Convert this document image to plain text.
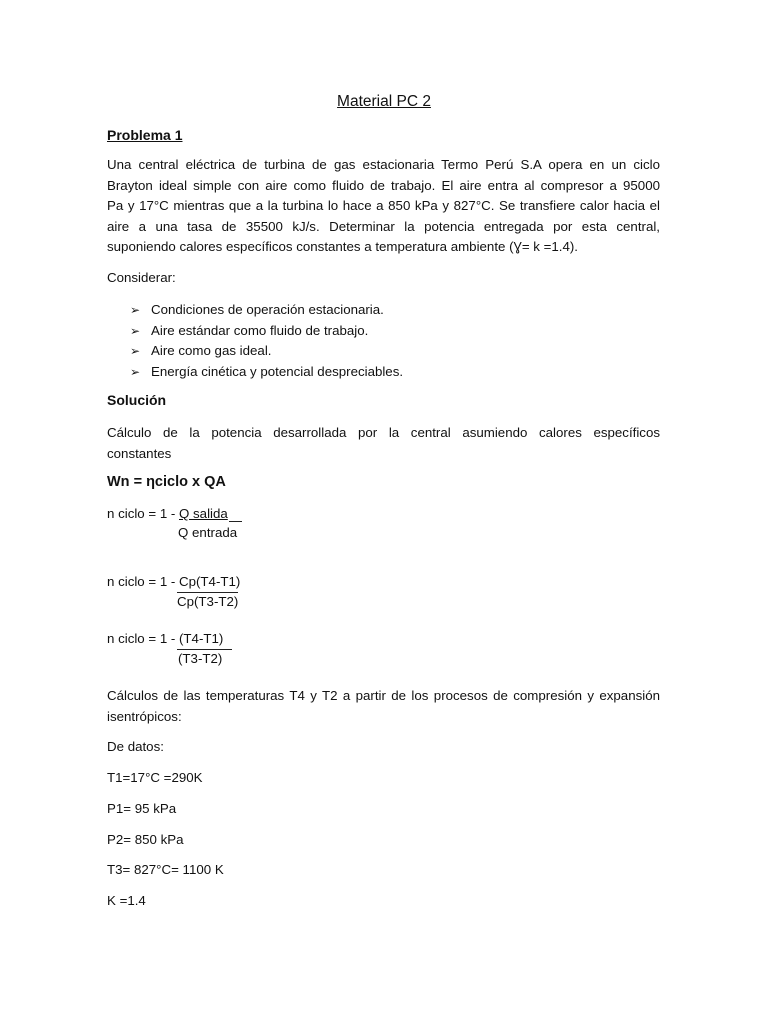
Material PC 2
Problema 1
Una central eléctrica de turbina de gas estacionaria Termo Perú S.A opera en un ciclo
Brayton ideal simple con aire como fluido de trabajo. El aire entra al compresor a 95000
Pa y 17°C mientras que a la turbina lo hace a 850 kPa y 827°C. Se transfiere calor hacia el
aire a una tasa de 35500 kJ/s. Determinar la potencia entregada por esta central,
suponiendo calores específicos constantes a temperatura ambiente (Ɣ= k =1.4).
Considerar:
➢ Condiciones de operación estacionaria.
➢ Aire estándar como fluido de trabajo.
➢ Aire como gas ideal.
➢ Energía cinética y potencial despreciables.
Solución
Cálculo de la potencia desarrollada por la central asumiendo calores específicos
constantes
Wn = ηciclo x QA
n ciclo = 1 - Q salida
Q entrada
n ciclo = 1 - Cp(T4-T1)
Cp(T3-T2)
n ciclo = 1 - (T4-T1)
(T3-T2)
Cálculos de las temperaturas T4 y T2 a partir de los procesos de compresión y expansión
isentrópicos:
De datos:
T1=17°C =290K
P1= 95 kPa
P2= 850 kPa
T3= 827°C= 1100 K
K =1.4
